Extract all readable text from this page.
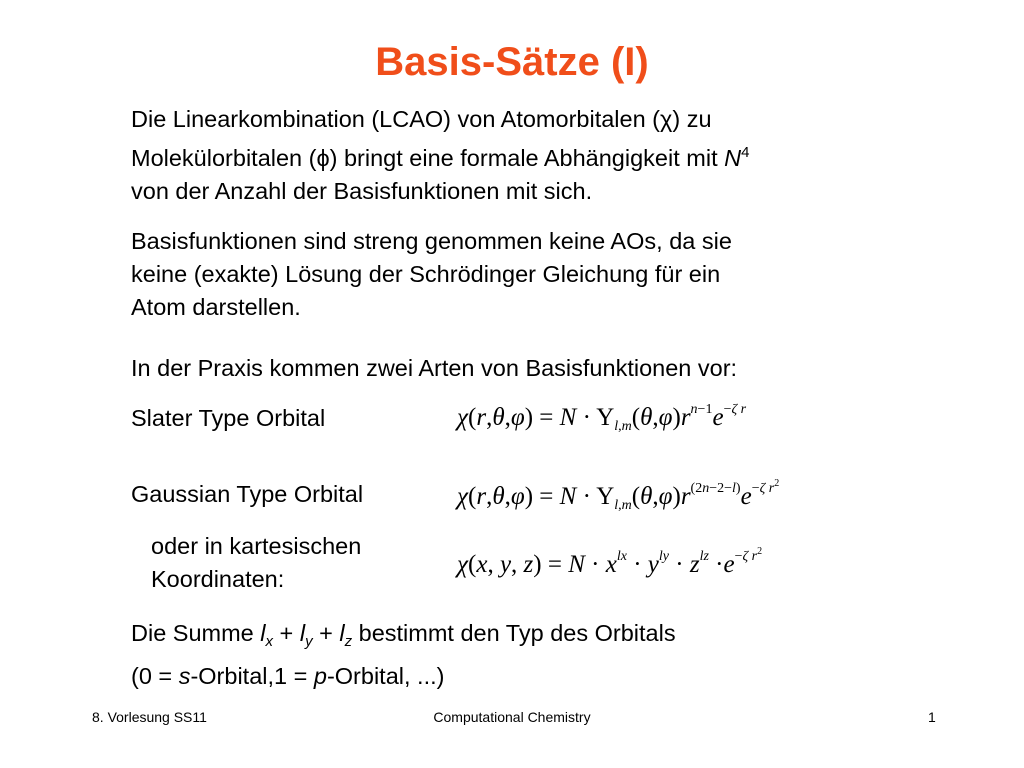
Basis-Sätze (I)
Die Linearkombination (LCAO) von Atomorbitalen (χ) zu
Molekülorbitalen (ϕ) bringt eine formale Abhängigkeit mit $N^4$
von der Anzahl der Basisfunktionen mit sich.
Basisfunktionen sind streng genommen keine AOs, da sie
keine (exakte) Lösung der Schrödinger Gleichung für ein
Atom darstellen.
In der Praxis kommen zwei Arten von Basisfunktionen vor:
Slater Type Orbital
Gaussian Type Orbital
oder in kartesischen
Koordinaten:
$\chi(r,\theta,\varphi) = N \cdot Y_{l,m}(\theta,\varphi)r^{n-1}e^{-\zeta r}$
$\chi(r,\theta,\varphi) = N \cdot Y_{l,m}(\theta,\varphi)r^{(2n-2-l)}e^{-\zeta r^2}$
χ(x, y, $z) = N \cdot x^{lx} \cdot y^{ly} \cdot z^{lz} \cdot e^{-\zeta r^2}$
Die Summe $l_x + l_y + l_z$ bestimmt den Typ des Orbitals
(0 = s-Orbital,1 = p-Orbital, ...)
8. Vorlesung SS11	Computational Chemistry	1
